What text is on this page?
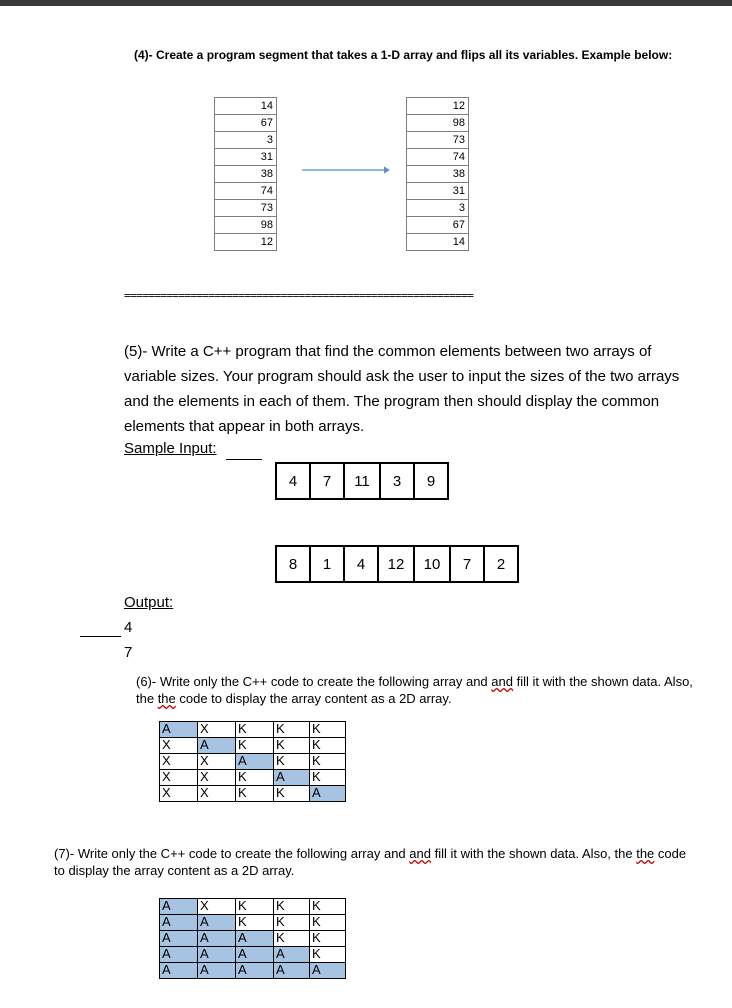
(4)- Create a program segment that takes a 1-D array and flips all its variables. Example below:
14
67
3
31
38
74
73
98
12
12
98
73
74
38
31
3
67
14
==========================================================
(5)- Write a C++ program that find the common elements between two arrays of variable sizes. Your program should ask the user to input the sizes of the two arrays and the elements in each of them. The program then should display the common elements that appear in both arrays.
Sample Input:
4	7	11	3	9
8	1	4	12	10	7	2
Output:
4
7
(6)- Write only the C++ code to create the following array and and fill it with the shown data. Also, the the code to display the array content as a 2D array.
A	X	K	K	K
X	A	K	K	K
X	X	A	K	K
X	X	K	A	K
X	X	K	K	A
(7)- Write only the C++ code to create the following array and and fill it with the shown data. Also, the the code to display the array content as a 2D array.
A	X	K	K	K
A	A	K	K	K
A	A	A	K	K
A	A	A	A	K
A	A	A	A	A
